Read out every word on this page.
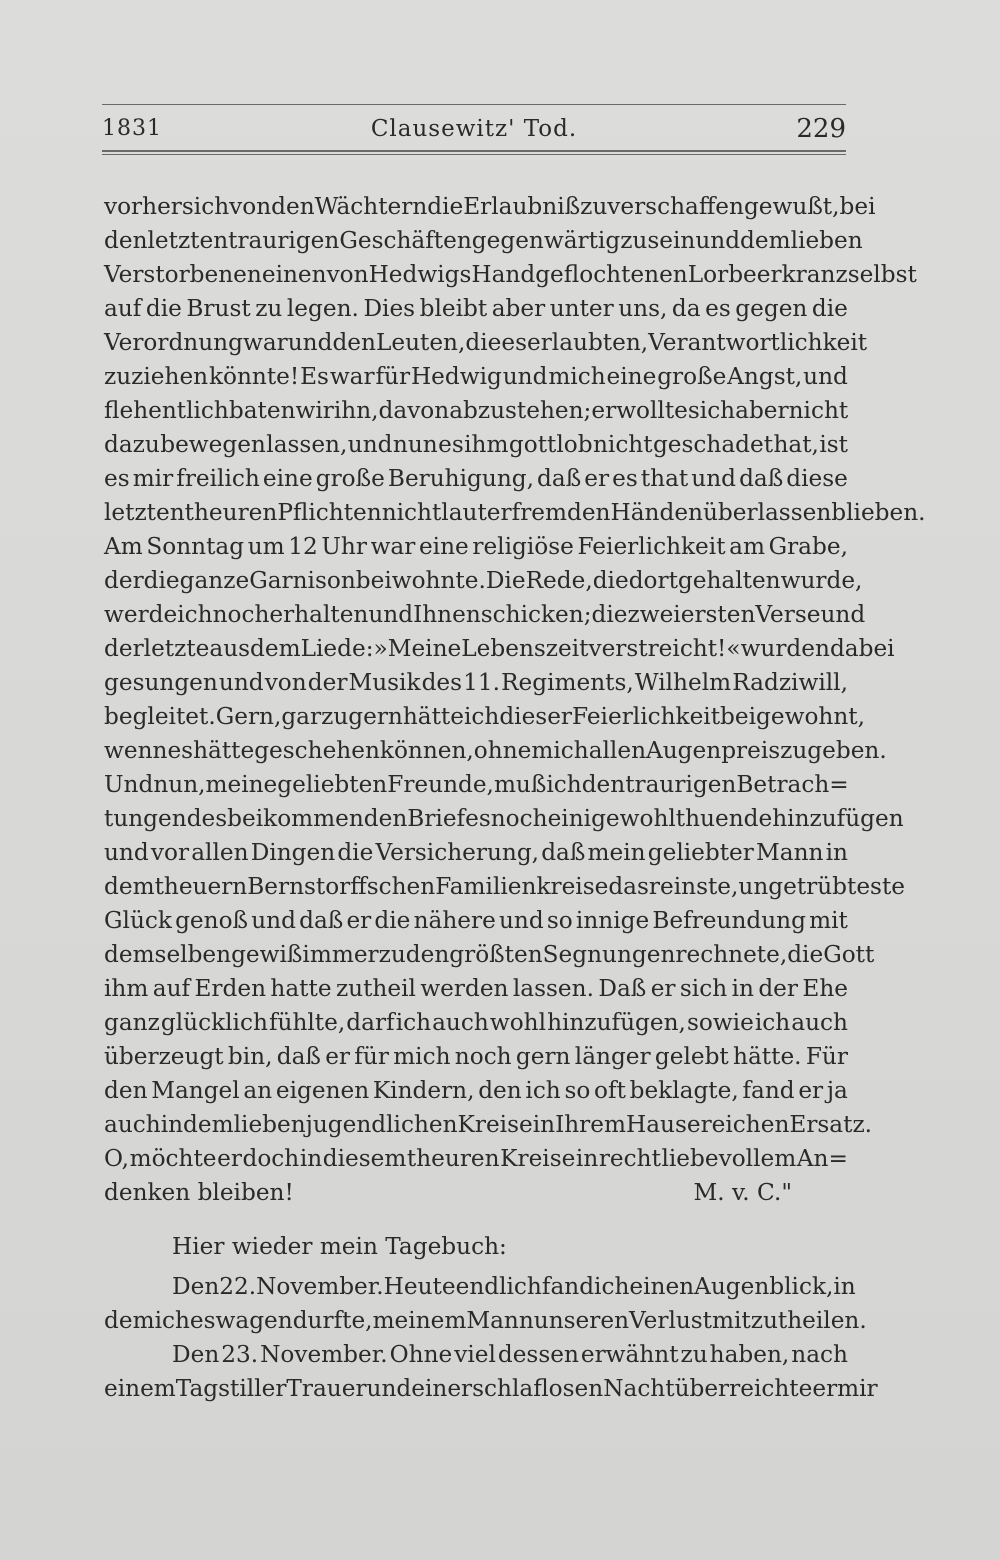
1831	Clausewitz' Tod.	229
vorher sich von den Wächtern die Erlaubniß zu verschaffen gewußt, bei
den letzten traurigen Geschäften gegenwärtig zu sein und dem lieben
Verstorbenen einen von Hedwigs Hand geflochtenen Lorbeerkranz selbst
auf die Brust zu legen. Dies bleibt aber unter uns, da es gegen die
Verordnung war und den Leuten, die es erlaubten, Verantwortlichkeit
zuziehen könnte! Es war für Hedwig und mich eine große Angst, und
flehentlich baten wir ihn, davon abzustehen; er wollte sich aber nicht
dazu bewegen lassen, und nun es ihm gottlob nicht geschadet hat, ist
es mir freilich eine große Beruhigung, daß er es that und daß diese
letzten theuren Pflichten nicht lauter fremden Händen überlassen blieben.
Am Sonntag um 12 Uhr war eine religiöse Feierlichkeit am Grabe,
der die ganze Garnison beiwohnte. Die Rede, die dort gehalten wurde,
werde ich noch erhalten und Ihnen schicken; die zwei ersten Verse und
der letzte aus dem Liede: »Meine Lebenszeit verstreicht!« wurden dabei
gesungen und von der Musik des 11. Regiments, Wilhelm Radziwill,
begleitet. Gern, gar zu gern hätte ich dieser Feierlichkeit beigewohnt,
wenn es hätte geschehen können, ohne mich allen Augen preiszugeben.
Und nun, meine geliebten Freunde, muß ich den traurigen Betrach=
tungen des beikommenden Briefes noch einige wohlthuende hinzufügen
und vor allen Dingen die Versicherung, daß mein geliebter Mann in
dem theuern Bernstorffschen Familienkreise das reinste, ungetrübteste
Glück genoß und daß er die nähere und so innige Befreundung mit
demselben gewiß immer zu den größten Segnungen rechnete, die Gott
ihm auf Erden hatte zutheil werden lassen. Daß er sich in der Ehe
ganz glücklich fühlte, darf ich auch wohl hinzufügen, sowie ich auch
überzeugt bin, daß er für mich noch gern länger gelebt hätte. Für
den Mangel an eigenen Kindern, den ich so oft beklagte, fand er ja
auch in dem lieben jugendlichen Kreise in Ihrem Hause reichen Ersatz.
O, möchte er doch in diesem theuren Kreise in recht liebevollem An=
denken bleiben!	M. v. C."
Hier wieder mein Tagebuch:
Den 22. November. Heute endlich fand ich einen Augenblick, in
dem ich es wagen durfte, meinem Mann unseren Verlust mitzutheilen.
Den 23. November. Ohne viel dessen erwähnt zu haben, nach
einem Tag stiller Trauer und einer schlaflosen Nacht überreichte er mir
